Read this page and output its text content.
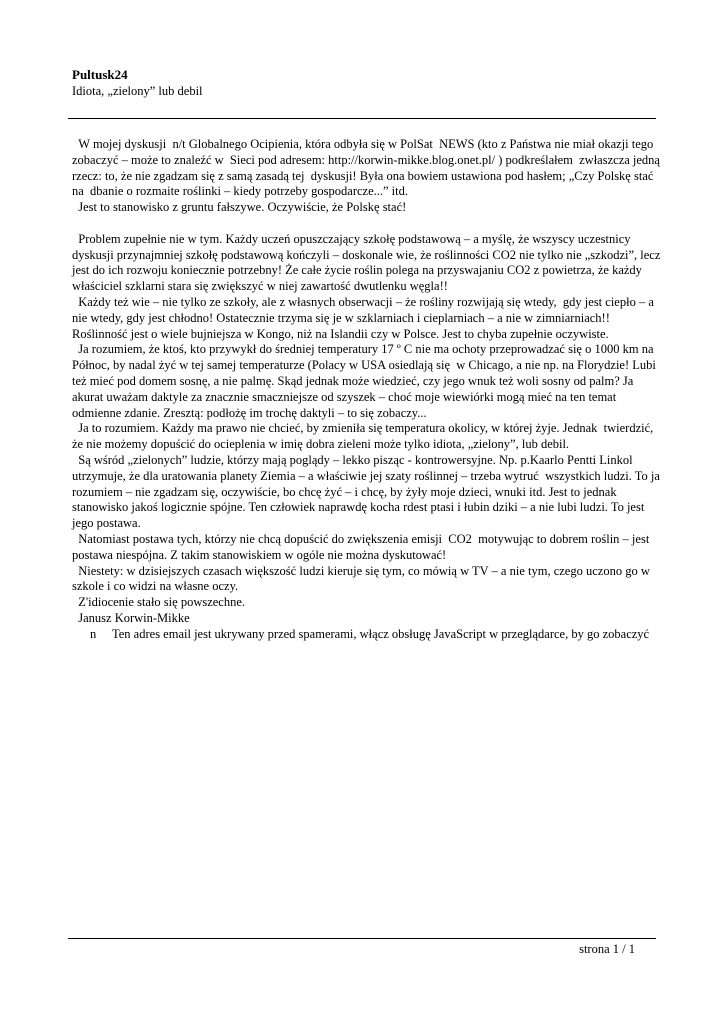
Pultusk24
Idiota, „zielony” lub debil

W mojej dyskusji  n/t Globalnego Ocipienia, która odbyła się w PolSat  NEWS (kto z Państwa nie miał okazji tego zobaczyć – może to znaleźć w  Sieci pod adresem: http://korwin-mikke.blog.onet.pl/ ) podkreślałem  zwłaszcza jedną rzecz: to, że nie zgadzam się z samą zasadą tej  dyskusji! Była ona bowiem ustawiona pod hasłem; „Czy Polskę stać na  dbanie o rozmaite roślinki – kiedy potrzeby gospodarcze...” itd.

Jest to stanowisko z gruntu fałszywe. Oczywiście, że Polskę stać!

Problem zupełnie nie w tym. Każdy uczeń opuszczający szkołę podstawową – a myślę, że wszyscy uczestnicy dyskusji przynajmniej szkołę podstawową kończyli – doskonale wie, że roślinności CO2 nie tylko nie „szkodzi”, lecz jest do ich rozwoju koniecznie potrzebny! Że całe życie roślin polega na przyswajaniu CO2 z powietrza, że każdy właściciel szklarni stara się zwiększyć w niej zawartość dwutlenku węgla!!

Każdy też wie – nie tylko ze szkoły, ale z własnych obserwacji – że rośliny rozwijają się wtedy,  gdy jest ciepło – a nie wtedy, gdy jest chłodno! Ostatecznie trzyma się je w szklarniach i cieplarniach – a nie w zimniarniach!! Roślinność jest o wiele bujniejsza w Kongo, niż na Islandii czy w Polsce. Jest to chyba zupełnie oczywiste.

Ja rozumiem, że ktoś, kto przywykł do średniej temperatury 17 º C nie ma ochoty przeprowadzać się o 1000 km na Północ, by nadal żyć w tej samej temperaturze (Polacy w USA osiedlają się  w Chicago, a nie np. na Florydzie! Lubi też mieć pod domem sosnę, a nie palmę. Skąd jednak może wiedzieć, czy jego wnuk też woli sosny od palm? Ja akurat uważam daktyle za znacznie smaczniejsze od szyszek – choć moje wiewiórki mogą mieć na ten temat odmienne zdanie. Zresztą: podłożę im trochę daktyli – to się zobaczy...

Ja to rozumiem. Każdy ma prawo nie chcieć, by zmieniła się temperatura okolicy, w której żyje. Jednak  twierdzić, że nie możemy dopuścić do ocieplenia w imię dobra zieleni może tylko idiota, „zielony”, lub debil.

Są wśród „zielonych” ludzie, którzy mają poglądy – lekko pisząc - kontrowersyjne. Np. p.Kaarlo Pentti Linkol utrzymuje, że dla uratowania planety Ziemia – a właściwie jej szaty roślinnej – trzeba wytruć  wszystkich ludzi. To ja rozumiem – nie zgadzam się, oczywiście, bo chcę żyć – i chcę, by żyły moje dzieci, wnuki itd. Jest to jednak stanowisko jakoś logicznie spójne. Ten człowiek naprawdę kocha rdest ptasi i łubin dziki – a nie lubi ludzi. To jest jego postawa.

Natomiast postawa tych, którzy nie chcą dopuścić do zwiększenia emisji  CO2  motywując to dobrem roślin – jest postawa niespójna. Z takim stanowiskiem w ogóle nie można dyskutować!

Niestety: w dzisiejszych czasach większość ludzi kieruje się tym, co mówią w TV – a nie tym, czego uczono go w szkole i co widzi na własne oczy.

Z'idiocenie stało się powszechne.

Janusz Korwin-Mikke

n Ten adres email jest ukrywany przed spamerami, włącz obsługę JavaScript w przeglądarce, by go zobaczyć
strona 1 / 1
